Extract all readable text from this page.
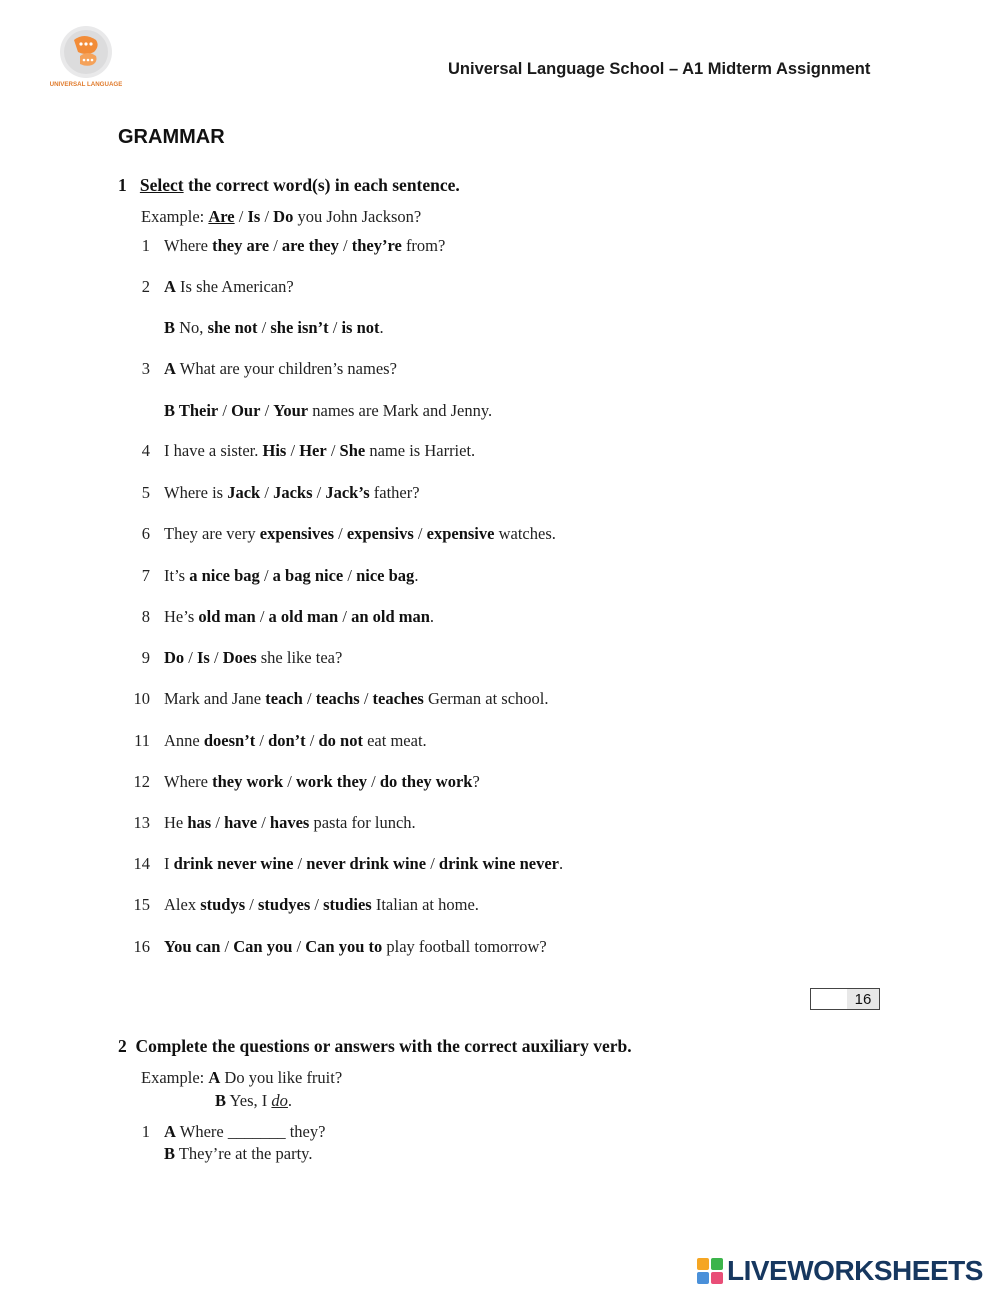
UNIVERSAL LANGUAGE
Universal Language School – A1 Midterm Assignment
GRAMMAR
1 Select the correct word(s) in each sentence.
Example: Are / Is / Do you John Jackson?
1 Where they are / are they / they’re from?
2 A Is she American?
B No, she not / she isn’t / is not.
3 A What are your children’s names?
B Their / Our / Your names are Mark and Jenny.
4 I have a sister. His / Her / She name is Harriet.
5 Where is Jack / Jacks / Jack’s father?
6 They are very expensives / expensivs / expensive watches.
7 It’s a nice bag / a bag nice / nice bag.
8 He’s old man / a old man / an old man.
9 Do / Is / Does she like tea?
10 Mark and Jane teach / teachs / teaches German at school.
11 Anne doesn’t / don’t / do not eat meat.
12 Where they work / work they / do they work?
13 He has / have / haves pasta for lunch.
14 I drink never wine / never drink wine / drink wine never.
15 Alex studys / studyes / studies Italian at home.
16 You can / Can you / Can you to play football tomorrow?
16
2 Complete the questions or answers with the correct auxiliary verb.
Example: A Do you like fruit?
B Yes, I do.
1 A Where _______ they?
B They’re at the party.
LIVEWORKSHEETS
